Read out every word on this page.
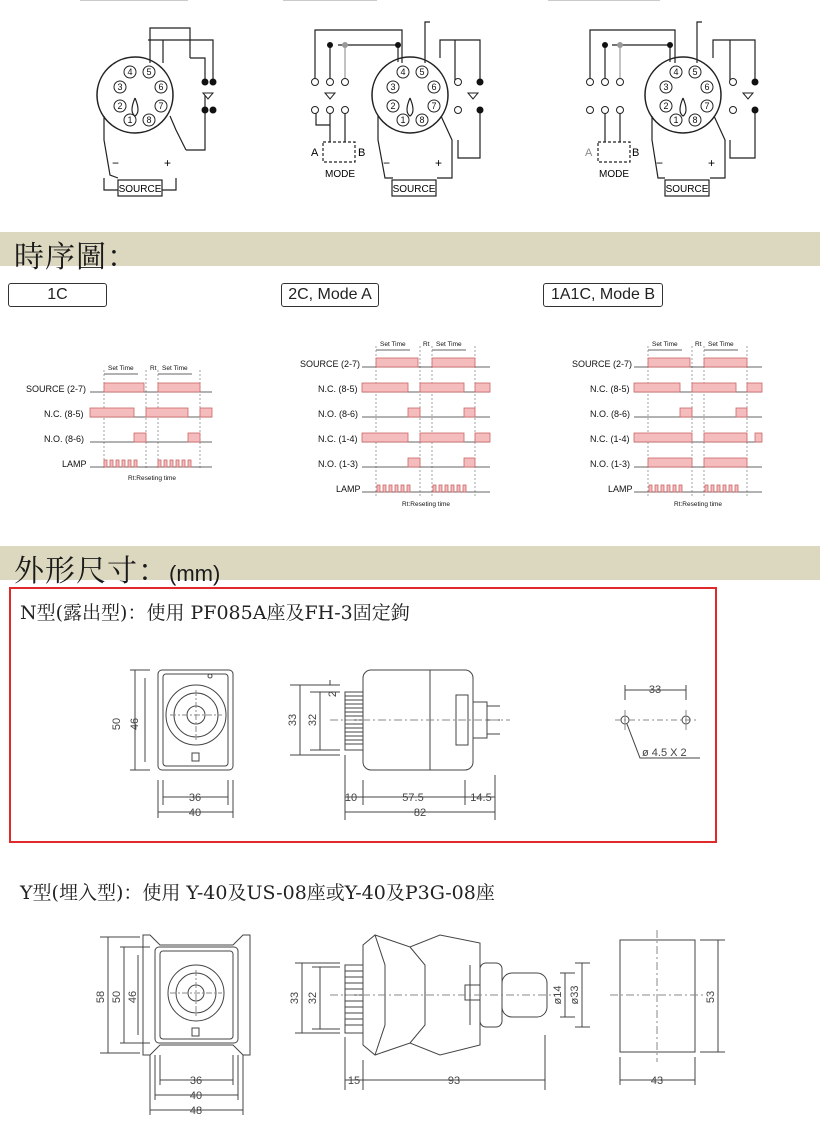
4 5
3	6
2	7
1 8
−	+
SOURCE
4 5
3	6
2	7
1 8
A	B
MODE
−	+
SOURCE
4 5
3	6
2	7
1 8
A	B
MODE
−	+
SOURCE
時序圖：
1C	2C, Mode A	1A1C, Mode B
Set Time	Rt Set Time
SOURCE (2-7)
N.C. (8-5)
N.O. (8-6)
LAMP
Rt:Reseting time
Set Time	Rt Set Time
SOURCE (2-7)
N.C. (8-5)
N.O. (8-6)
N.C. (1-4)
N.O. (1-3)
LAMP
Rt:Reseting time
Set Time	Rt Set Time
SOURCE (2-7)
N.C. (8-5)
N.O. (8-6)
N.C. (1-4)
N.O. (1-3)
LAMP
Rt:Reseting time
外形尺寸：(mm)
N型(露出型)：使用 PF085A座及FH-3固定鉤
50 46
36
40
33 32
2
10	57.5	14.5
82
33
ø 4.5 X 2
Y型(埋入型)：使用 Y-40及US-08座或Y-40及P3G-08座
58 50 46
36
40
48
33 32	ø14 ø33
15	93
53
43
